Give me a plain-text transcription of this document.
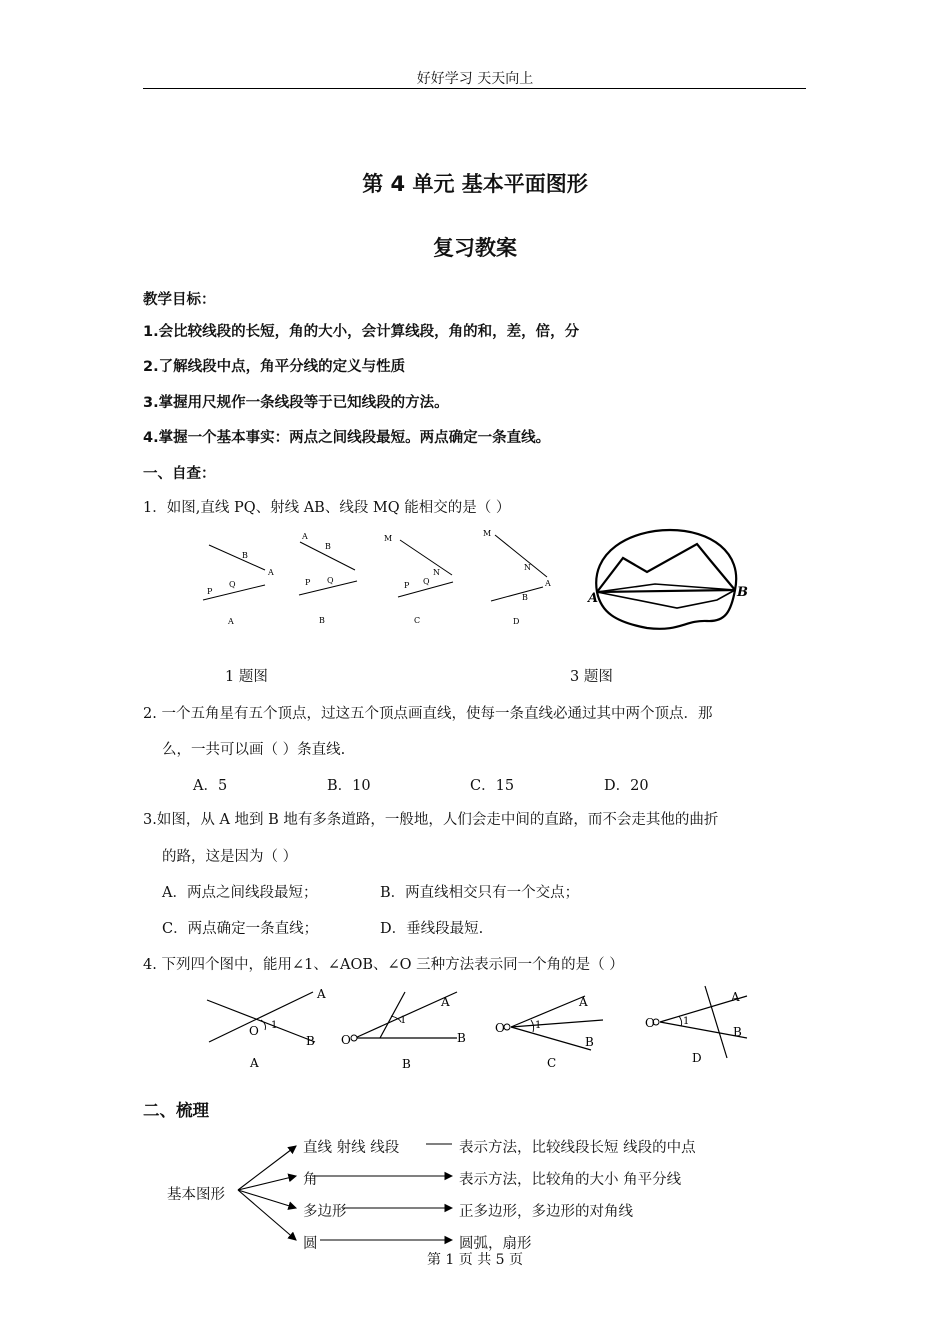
好好学习 天天向上
第 4 单元 基本平面图形
复习教案
教学目标：
1.会比较线段的长短，角的大小，会计算线段，角的和，差，倍，分
2.了解线段中点，角平分线的定义与性质
3.掌握用尺规作一条线段等于已知线段的方法。
4.掌握一个基本事实：两点之间线段最短。两点确定一条直线。
一、自查：
1．如图,直线 PQ、射线 AB、线段 MQ 能相交的是（ ）
B
A
P
Q
A
B
P Q
M
N
P Q
M
N
A
B
A	B	C	D
A	B
1 题图	3 题图
2. 一个五角星有五个顶点，过这五个顶点画直线，使每一条直线必通过其中两个顶点．那
么，一共可以画（ ）条直线.
A．5	B．10	C．15	D．20
3.如图，从 A 地到 B 地有多条道路，一般地，人们会走中间的直路，而不会走其他的曲折
的路，这是因为（ ）
A．两点之间线段最短；	B．两直线相交只有一个交点；
C．两点确定一条直线；	D．垂线段最短.
4. 下列四个图中，能用∠1、∠AOB、∠O 三种方法表示同一个角的是（ ）
A
O 1
B
A
1
O	B
A
O	1
B
A
O	1
B
A	B	C	D
二、梳理
基本图形
直线 射线 线段
角
多边形
圆
表示方法，比较线段长短 线段的中点
表示方法，比较角的大小 角平分线
正多边形，多边形的对角线
圆弧，扇形
第 1 页 共 5 页
